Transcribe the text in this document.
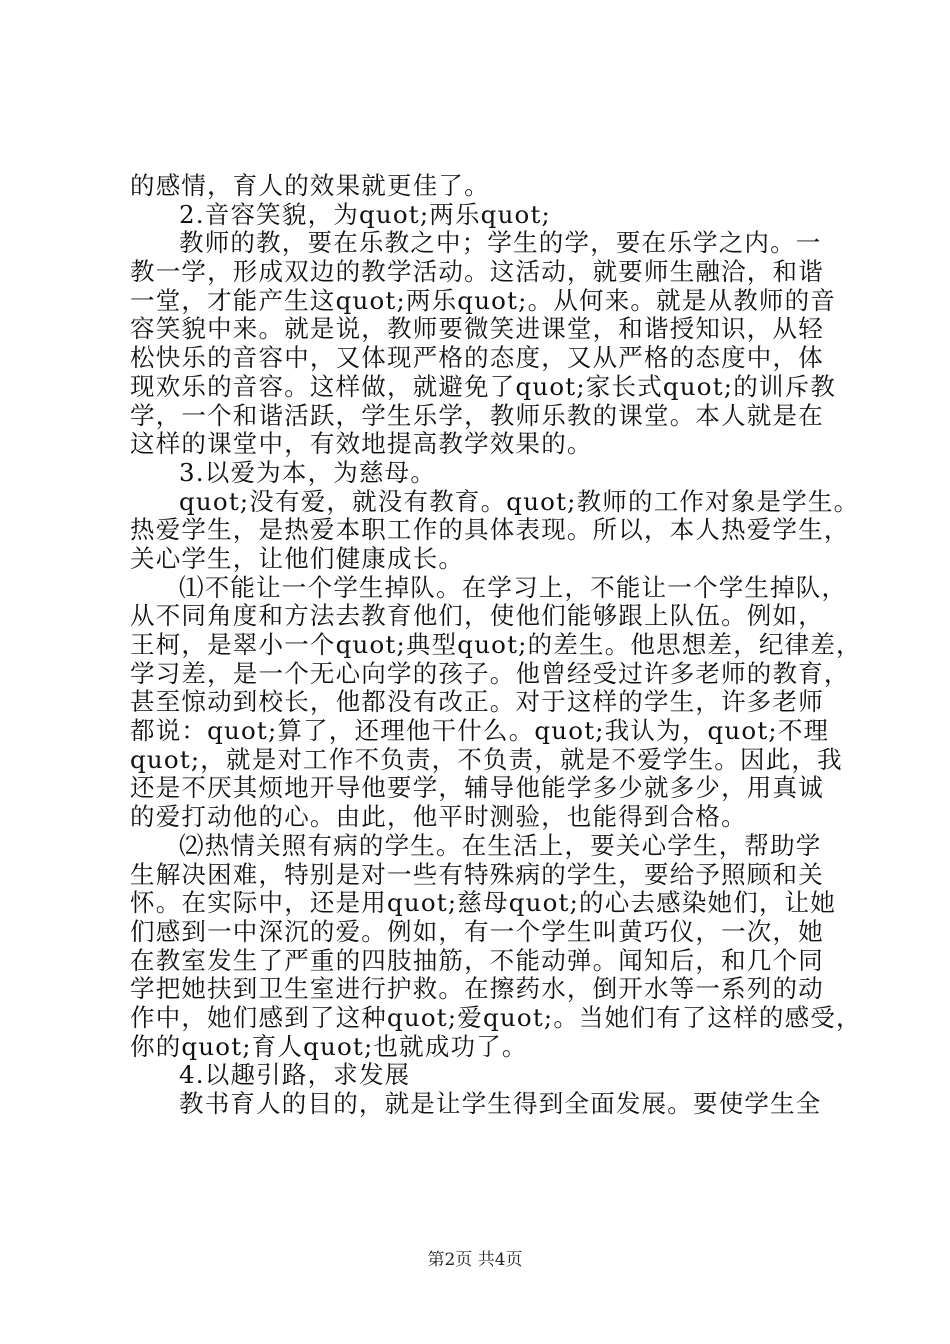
的感情，育人的效果就更佳了。
2.音容笑貌，为quot;两乐quot;
教师的教，要在乐教之中；学生的学，要在乐学之内。一
教一学，形成双边的教学活动。这活动，就要师生融洽，和谐
一堂，才能产生这quot;两乐quot;。从何来。就是从教师的音
容笑貌中来。就是说，教师要微笑进课堂，和谐授知识，从轻
松快乐的音容中，又体现严格的态度，又从严格的态度中，体
现欢乐的音容。这样做，就避免了quot;家长式quot;的训斥教
学，一个和谐活跃，学生乐学，教师乐教的课堂。本人就是在
这样的课堂中，有效地提高教学效果的。
3.以爱为本，为慈母。
quot;没有爱，就没有教育。quot;教师的工作对象是学生。
热爱学生，是热爱本职工作的具体表现。所以，本人热爱学生，
关心学生，让他们健康成长。
⑴不能让一个学生掉队。在学习上，不能让一个学生掉队，
从不同角度和方法去教育他们，使他们能够跟上队伍。例如，
王柯，是翠小一个quot;典型quot;的差生。他思想差，纪律差，
学习差，是一个无心向学的孩子。他曾经受过许多老师的教育，
甚至惊动到校长，他都没有改正。对于这样的学生，许多老师
都说：quot;算了，还理他干什么。quot;我认为，quot;不理
quot;，就是对工作不负责，不负责，就是不爱学生。因此，我
还是不厌其烦地开导他要学，辅导他能学多少就多少，用真诚
的爱打动他的心。由此，他平时测验，也能得到合格。
⑵热情关照有病的学生。在生活上，要关心学生，帮助学
生解决困难，特别是对一些有特殊病的学生，要给予照顾和关
怀。在实际中，还是用quot;慈母quot;的心去感染她们，让她
们感到一中深沉的爱。例如，有一个学生叫黄巧仪，一次，她
在教室发生了严重的四肢抽筋，不能动弹。闻知后，和几个同
学把她扶到卫生室进行护救。在擦药水，倒开水等一系列的动
作中，她们感到了这种quot;爱quot;。当她们有了这样的感受，
你的quot;育人quot;也就成功了。
4.以趣引路，求发展
教书育人的目的，就是让学生得到全面发展。要使学生全
第2页 共4页
